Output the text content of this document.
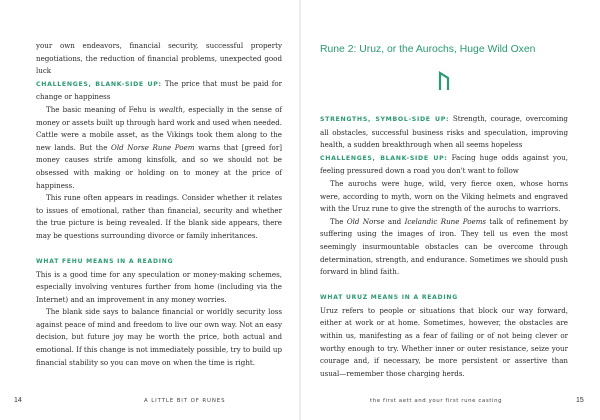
your own endeavors, financial security, successful property negotiations, the reduction of financial problems, unexpected good luck

CHALLENGES, BLANK-SIDE UP: The price that must be paid for change or happiness

The basic meaning of Fehu is wealth, especially in the sense of money or assets built up through hard work and used when needed. Cattle were a mobile asset, as the Vikings took them along to the new lands. But the Old Norse Rune Poem warns that [greed for] money causes strife among kinsfolk, and so we should not be obsessed with making or holding on to money at the price of happiness.

This rune often appears in readings. Consider whether it relates to issues of emotional, rather than financial, security and whether the true picture is being revealed. If the blank side appears, there may be questions surrounding divorce or family inheritances.

WHAT FEHU MEANS IN A READING

This is a good time for any speculation or money-making schemes, especially involving ventures further from home (including via the Internet) and an improvement in any money worries.

The blank side says to balance financial or worldly security loss against peace of mind and freedom to live our own way. Not an easy decision, but future joy may be worth the price, both actual and emotional. If this change is not immediately possible, try to build up financial stability so you can move on when the time is right.

Rune 2: Uruz, or the Aurochs, Huge Wild Oxen

STRENGTHS, SYMBOL-SIDE UP: Strength, courage, overcoming all obstacles, successful business risks and speculation, improving health, a sudden breakthrough when all seems hopeless

CHALLENGES, BLANK-SIDE UP: Facing huge odds against you, feeling pressured down a road you don't want to follow

The aurochs were huge, wild, very fierce oxen, whose horns were, according to myth, worn on the Viking helmets and engraved with the Uruz rune to give the strength of the aurochs to warriors.

The Old Norse and Icelandic Rune Poems talk of refinement by suffering using the images of iron. They tell us even the most seemingly insurmountable obstacles can be overcome through determination, strength, and endurance. Sometimes we should push forward in blind faith.

WHAT URUZ MEANS IN A READING

Uruz refers to people or situations that block our way forward, either at work or at home. Sometimes, however, the obstacles are within us, manifesting as a fear of failing or of not being clever or worthy enough to try. Whether inner or outer resistance, seize your courage and, if necessary, be more persistent or assertive than usual—remember those charging herds.

14	A LITTLE BIT OF RUNES	the first aett and your first rune casting	15
